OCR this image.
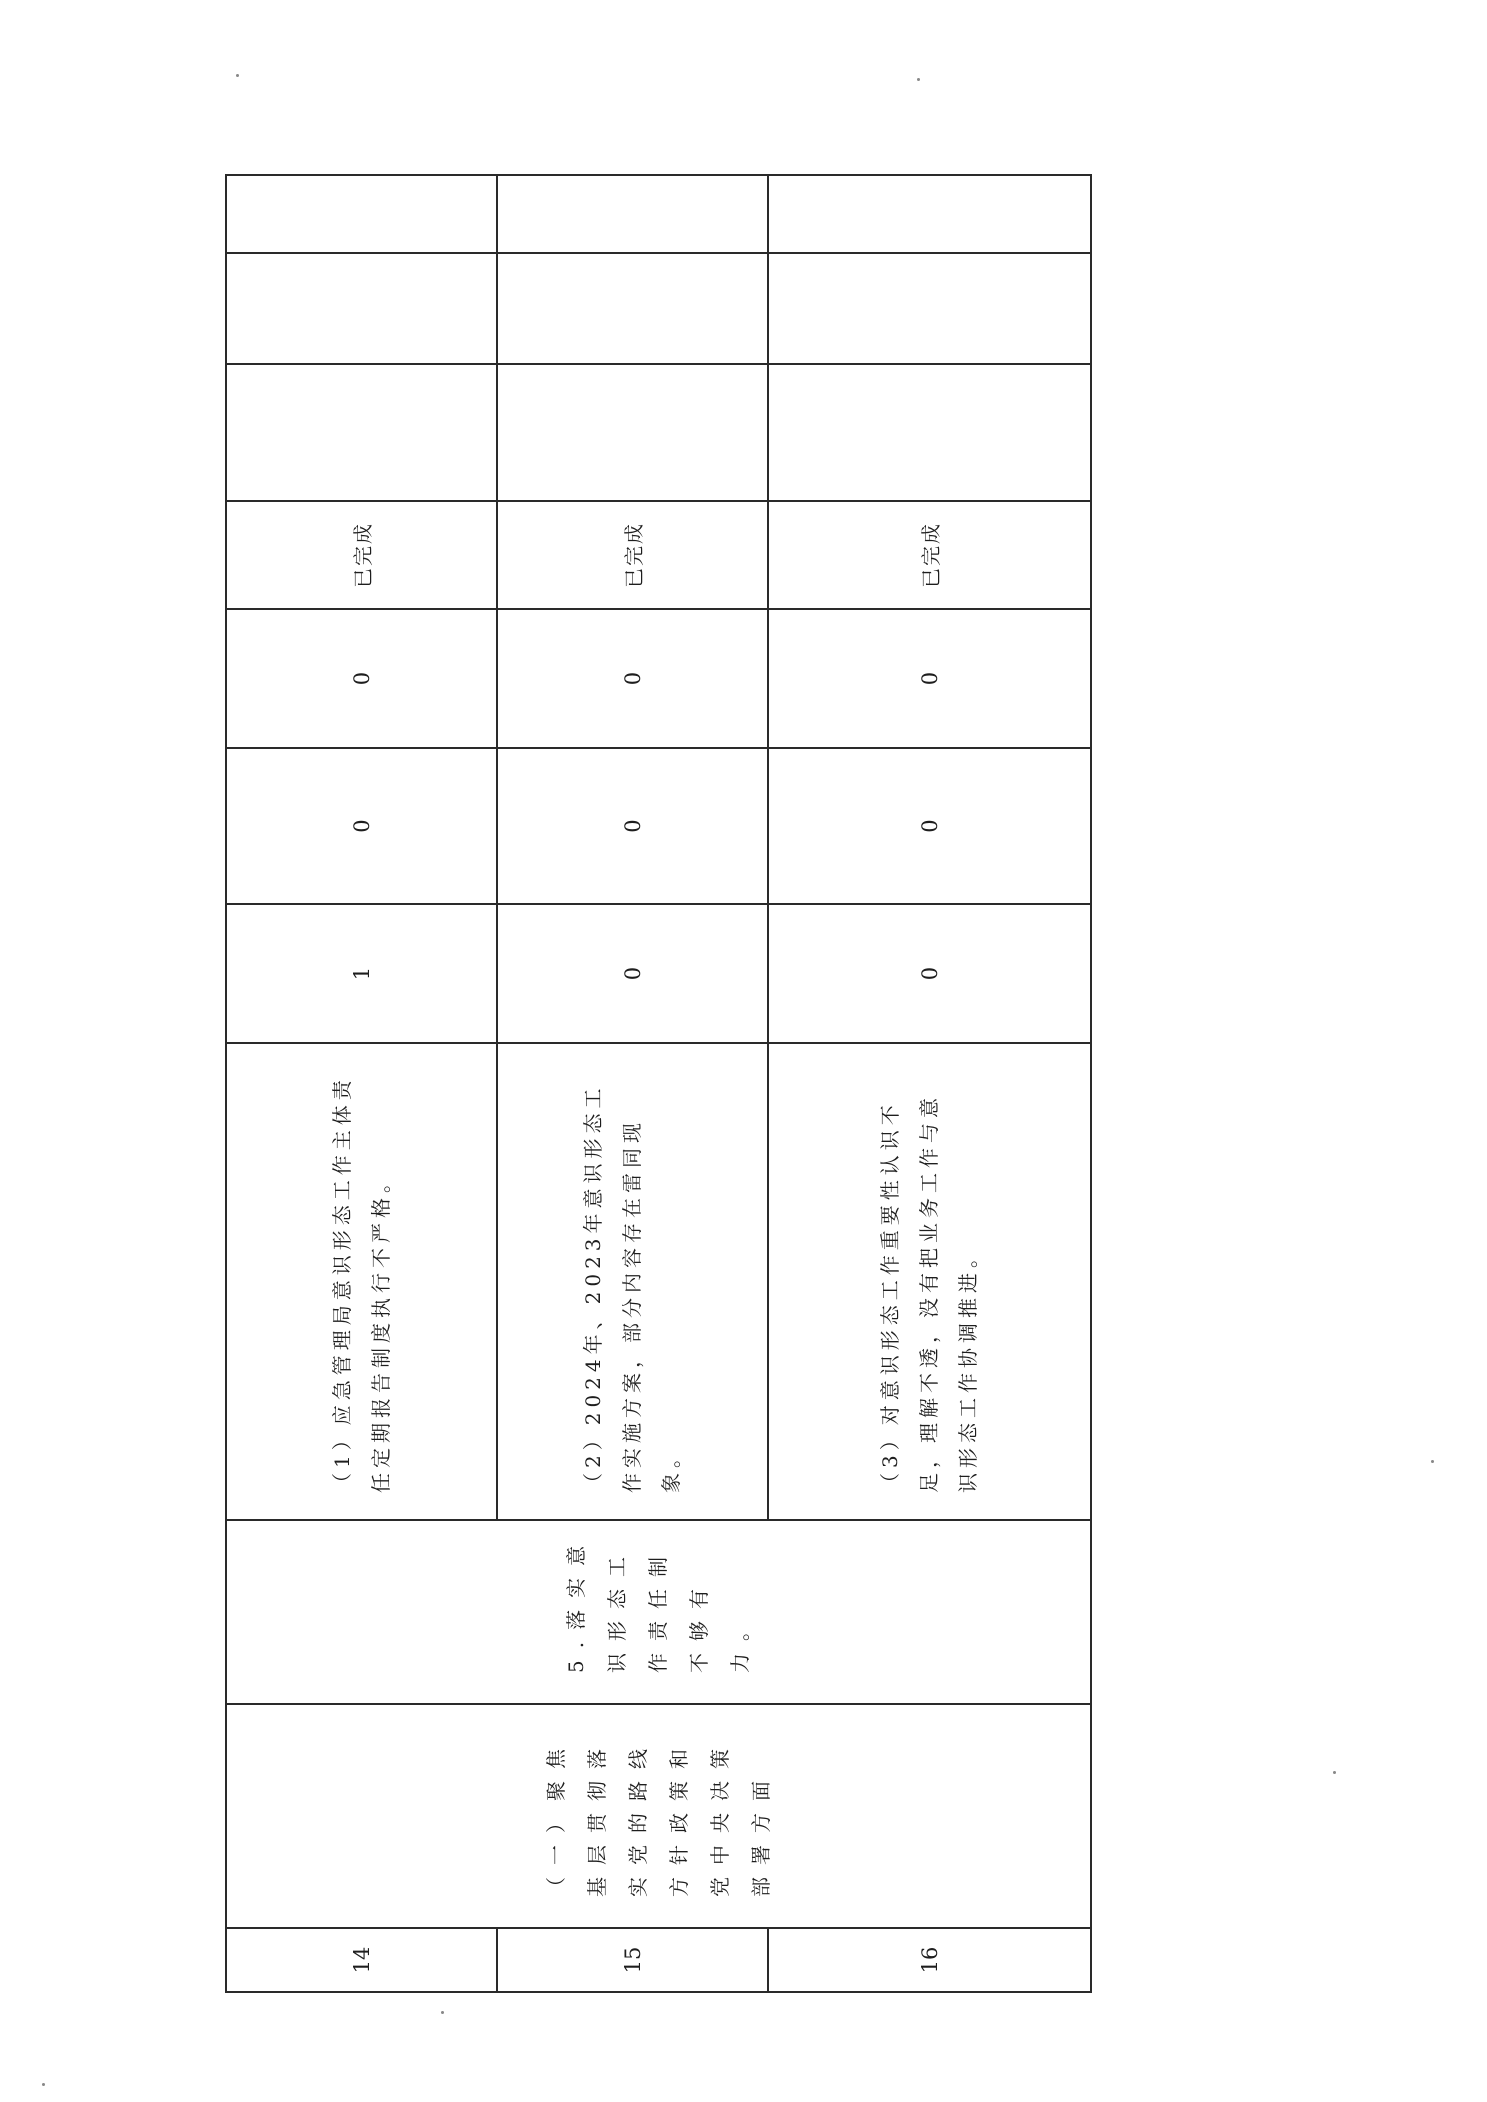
14	（一）聚焦基层贯彻落实党的路线方针政策和党中央决策部署方面	5.落实意识形态工作责任制不够有力。	（1）应急管理局意识形态工作主体责任定期报告制度执行不严格。	1	0	0	已完成			
15			（2）2024年、2023年意识形态工作实施方案，部分内容存在雷同现象。	0	0	0	已完成			
16			（3）对意识形态工作重要性认识不足，理解不透，没有把业务工作与意识形态工作协调推进。	0	0	0	已完成			
